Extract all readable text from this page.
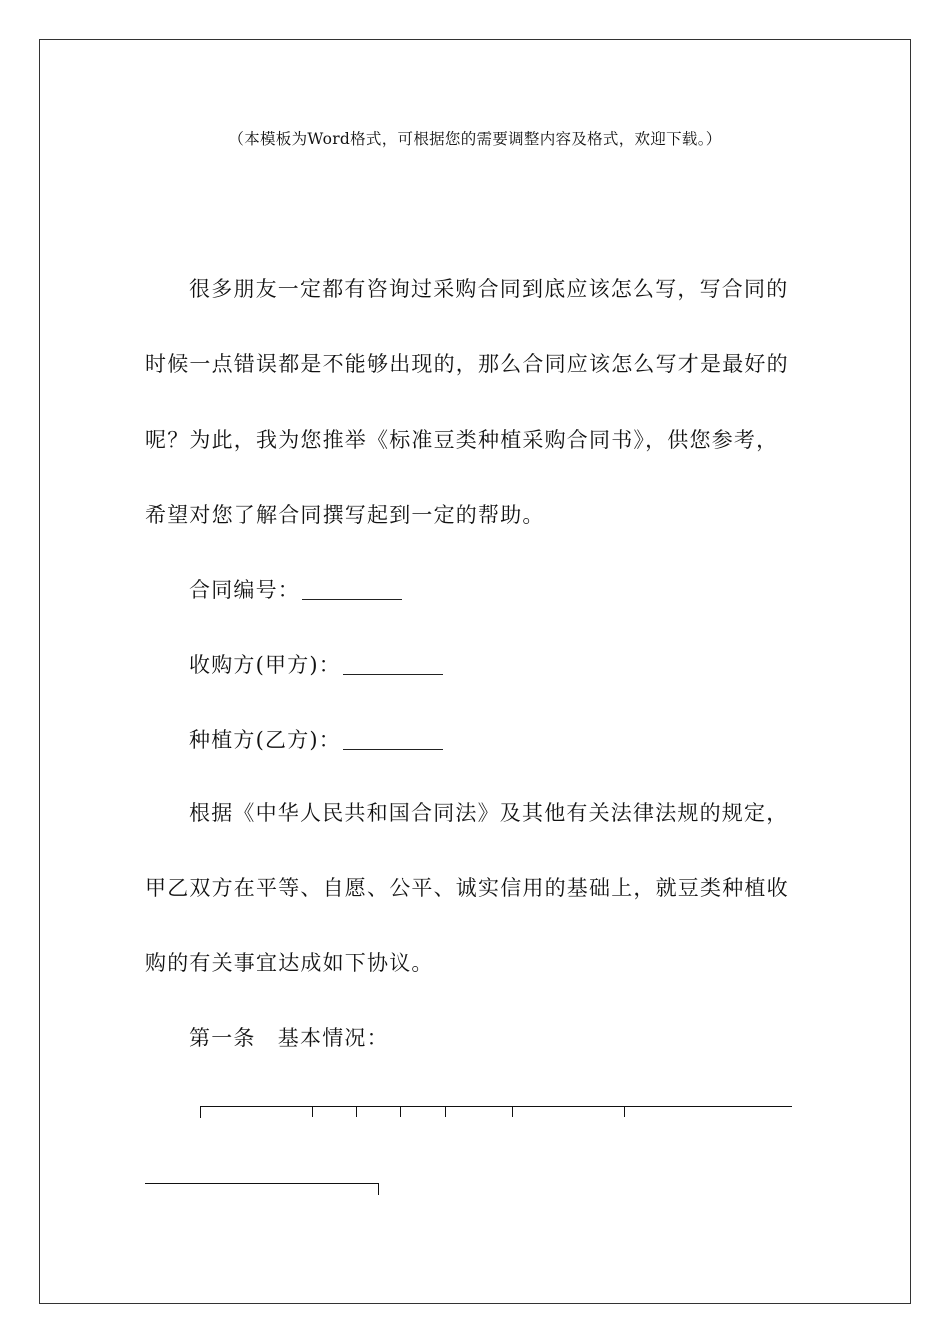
（本模板为Word格式，可根据您的需要调整内容及格式，欢迎下载。）
很多朋友一定都有咨询过采购合同到底应该怎么写，写合同的
时候一点错误都是不能够出现的，那么合同应该怎么写才是最好的
呢？为此，我为您推举《标准豆类种植采购合同书》，供您参考，
希望对您了解合同撰写起到一定的帮助。
合同编号：
收购方(甲方)：
种植方(乙方)：
根据《中华人民共和国合同法》及其他有关法律法规的规定，
甲乙双方在平等、自愿、公平、诚实信用的基础上，就豆类种植收
购的有关事宜达成如下协议。
第一条　基本情况：
